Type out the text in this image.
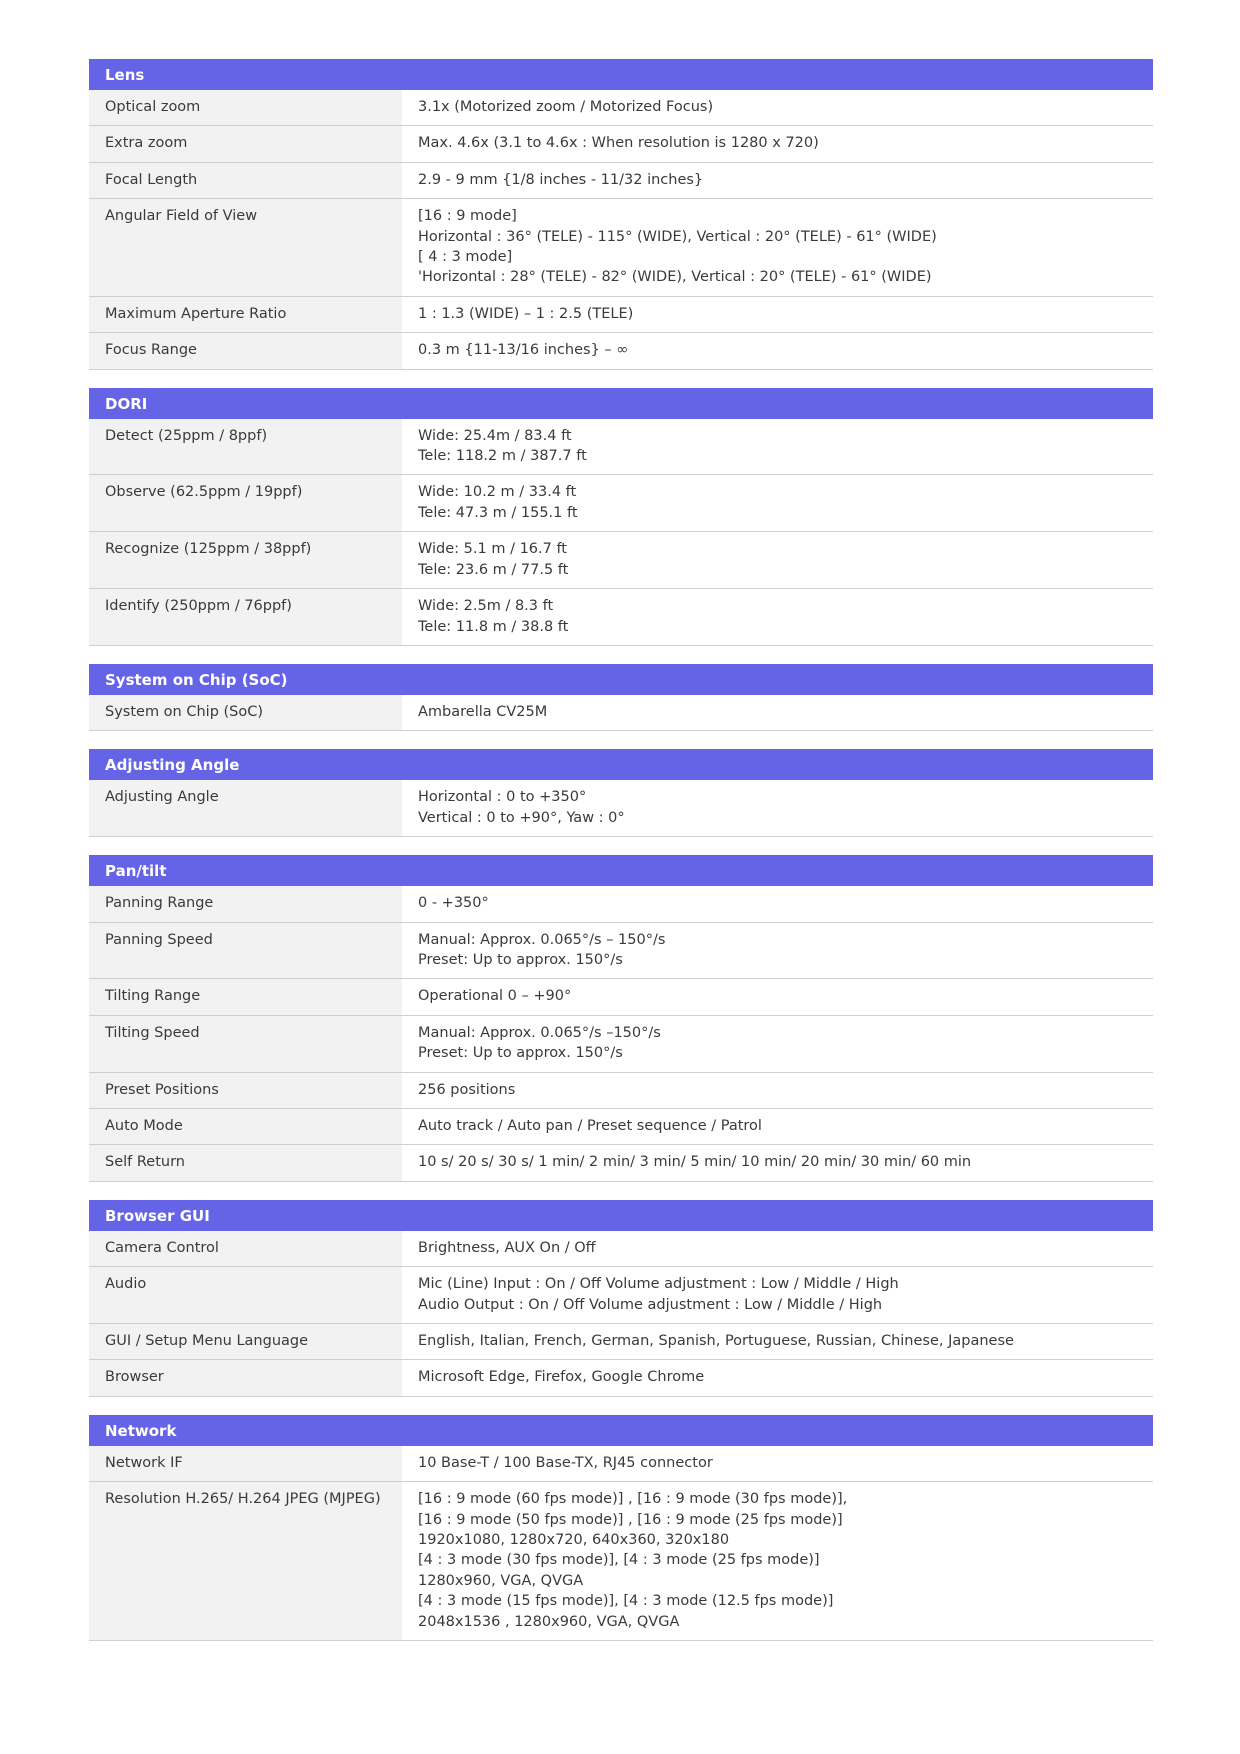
Lens
Optical zoom	3.1x (Motorized zoom / Motorized Focus)
Extra zoom	Max. 4.6x (3.1 to 4.6x : When resolution is 1280 x 720)
Focal Length	2.9 - 9 mm {1/8 inches - 11/32 inches}
Angular Field of View	[16 : 9 mode]
Horizontal : 36° (TELE) - 115° (WIDE), Vertical : 20° (TELE) - 61° (WIDE)
[ 4 : 3 mode]
'Horizontal : 28° (TELE) - 82° (WIDE), Vertical : 20° (TELE) - 61° (WIDE)
Maximum Aperture Ratio	1 : 1.3 (WIDE) – 1 : 2.5 (TELE)
Focus Range	0.3 m {11-13/16 inches} – ∞
DORI
Detect (25ppm / 8ppf)	Wide: 25.4m / 83.4 ft
Tele: 118.2 m / 387.7 ft
Observe (62.5ppm / 19ppf)	Wide: 10.2 m / 33.4 ft
Tele: 47.3 m / 155.1 ft
Recognize (125ppm / 38ppf)	Wide: 5.1 m / 16.7 ft
Tele: 23.6 m / 77.5 ft
Identify (250ppm / 76ppf)	Wide: 2.5m / 8.3 ft
Tele: 11.8 m / 38.8 ft
System on Chip (SoC)
System on Chip (SoC)	Ambarella CV25M
Adjusting Angle
Adjusting Angle	Horizontal : 0 to +350°
Vertical : 0 to +90°, Yaw : 0°
Pan/tilt
Panning Range	0 - +350°
Panning Speed	Manual: Approx. 0.065°/s – 150°/s
Preset: Up to approx. 150°/s
Tilting Range	Operational 0 – +90°
Tilting Speed	Manual: Approx. 0.065°/s –150°/s
Preset: Up to approx. 150°/s
Preset Positions	256 positions
Auto Mode	Auto track / Auto pan / Preset sequence / Patrol
Self Return	10 s/ 20 s/ 30 s/ 1 min/ 2 min/ 3 min/ 5 min/ 10 min/ 20 min/ 30 min/ 60 min
Browser GUI
Camera Control	Brightness, AUX On / Off
Audio	Mic (Line) Input : On / Off Volume adjustment : Low / Middle / High
Audio Output : On / Off Volume adjustment : Low / Middle / High
GUI / Setup Menu Language	English, Italian, French, German, Spanish, Portuguese, Russian, Chinese, Japanese
Browser	Microsoft Edge, Firefox, Google Chrome
Network
Network IF	10 Base-T / 100 Base-TX, RJ45 connector
Resolution H.265/ H.264 JPEG (MJPEG)	[16 : 9 mode (60 fps mode)] , [16 : 9 mode (30 fps mode)],
[16 : 9 mode (50 fps mode)] , [16 : 9 mode (25 fps mode)]
1920x1080, 1280x720, 640x360, 320x180
[4 : 3 mode (30 fps mode)], [4 : 3 mode (25 fps mode)]
1280x960, VGA, QVGA
[4 : 3 mode (15 fps mode)], [4 : 3 mode (12.5 fps mode)]
2048x1536 , 1280x960, VGA, QVGA
